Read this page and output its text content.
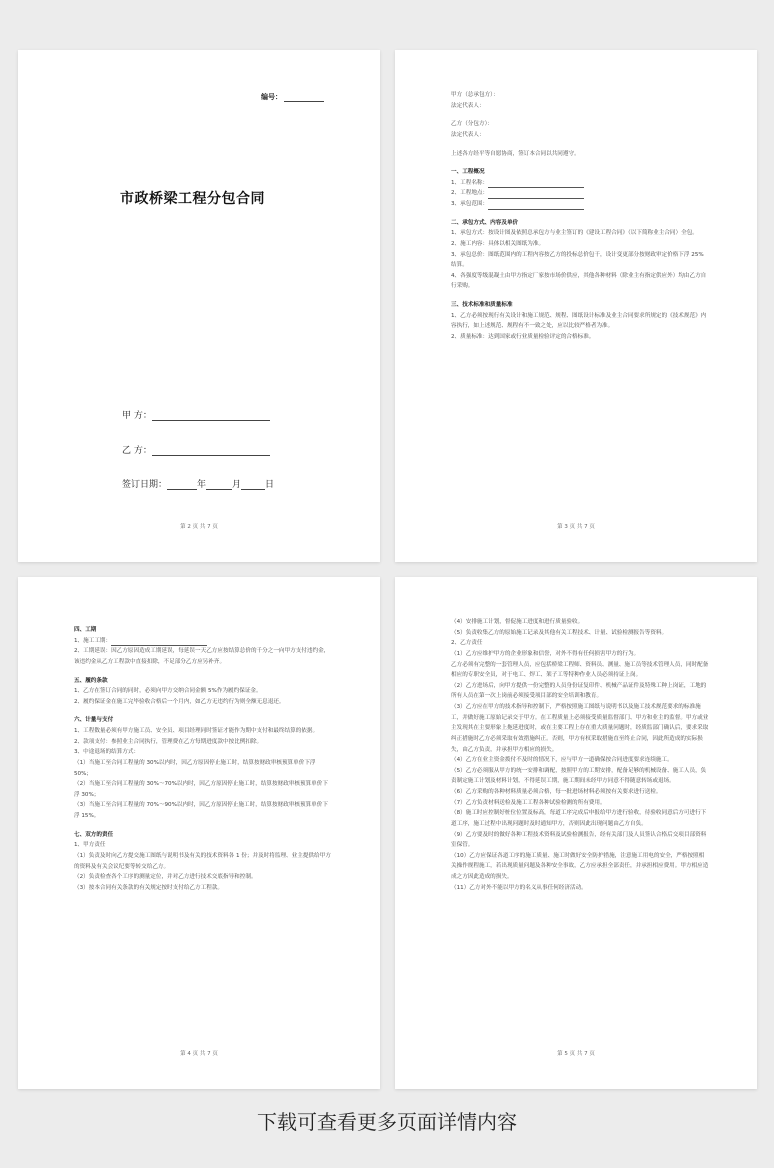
编号：
市政桥梁工程分包合同
甲 方：
乙 方：
签订日期：	年	月	日
第 2 页 共 7 页

甲方（总承包方）：

法定代表人：

乙方（分包方）：

法定代表人：

上述各方经平等自愿协商，签订本合同以共同遵守。

一、工程概况

1、工程名称：

2、工程地点：

3、承包范围：

二、承包方式、内容及单价

1、承包方式：按设计图及依照总承包方与业主签订的《建设工程合同》（以下简称业主合同）全包。

2、施工内容：具体以相关图纸为准。

3、承包总价：图纸范围内的工程内容按乙方的投标总价包干，设计变更部分按财政审定价格下浮 25%结算。

4、各强度等级混凝土由甲方指定厂家按市场价供应，其他各种材料（除业主有指定供应外）均由乙方自行采购。

三、技术标准和质量标准

1、乙方必须按现行有关设计和施工规范、规程、图纸设计标准及业主合同要求所规定的《技术规范》内容执行，如上述规范、规程有不一致之处，应以比较严格者为准。

2、质量标准：达到国家或行业质量检验评定的合格标准。

第 3 页 共 7 页

四、工期

1、施工工期：

2、工期延误：因乙方原因造成工期延误，每延误一天乙方应按结算总价的千分之一向甲方支付违约金，该违约金从乙方工程款中直接扣除，不足部分乙方应另补齐。

五、履约条款

1、乙方在签订合同的同时，必须向甲方交纳合同金额 5%作为履约保证金。

2、履约保证金在施工完毕验收合格后一个月内，如乙方无违约行为则全额无息退还。

六、计量与支付

1、工程数量必须有甲方施工员、安全员、项目经理同时签证才能作为期中支付和最终结算的依据。

2、款项支付：参照业主合同执行，管理费在乙方每期进度款中按比例扣除。

3、中途退场的结算方式：

（1）当施工至合同工程量的 30%以内时，因乙方原因停止施工时，结算按财政审核预算单价下浮 50%；

（2）当施工至合同工程量的 30%～70%以内时，因乙方原因停止施工时，结算按财政审核预算单价下浮 30%；

（3）当施工至合同工程量的 70%～90%以内时，因乙方原因停止施工时，结算按财政审核预算单价下浮 15%。

七、双方的责任

1、甲方责任

（1）负责及时向乙方提交施工图纸与说明书及有关的技术资料各 1 份；并及时将监理、业主提供给甲方的资料及有关会议纪要等转交给乙方。

（2）负责检查各个工序的测量定位，并对乙方进行技术交底指导和控制。

（3）按本合同有关条款的有关规定按时支付给乙方工程款。

第 4 页 共 7 页

（4）安排施工计划，督促施工进度和进行质量验收。

（5）负责收集乙方的原始施工记录及其他有关工程技术、计量、试验检测报告等资料。

2、乙方责任

（1）乙方应维护甲方的企业形象和信誉，对外不得有任何损害甲方的行为。

乙方必须有完整的一套管理人员，应包括桥梁工程师、资料员、测量、施工员等技术管理人员，同时配备相应的专职安全员，对于电工、焊工、架子工等特种作业人员必须持证上岗。

（2）乙方进场后，向甲方提供一份完整的人员身份证复印件、机械产品证件及特殊工种上岗证，工地的所有人员在第一次上岗前必须接受项目部的安全培训和教育。

（3）乙方应在甲方的技术指导和控制下，严格按照施工图纸与说明书以及施工技术规范要求的标准施工，并做好施工原始记录交于甲方。在工程质量上必须接受质量监督部门、甲方和业主的监督。甲方或业主发现其在主要形象上拖延进度时，或在主要工程上存在重大质量问题时，经质监部门确认后，要求采取纠正措施时乙方必须采取有效措施纠正。否则，甲方有权采取措施直至终止合同，因此所造成的实际损失，由乙方负责，并承担甲方相应的损失。

（4）乙方在业主资金拨付不及时的情况下，应与甲方一道确保按合同进度要求连续施工。

（5）乙方必须服从甲方的统一安排和调配，按照甲方的工期安排，配备足够的机械设备、施工人员，负责制定施工计划及材料计划，不得延误工期，施工期间未经甲方同意不得随意转场或退场。

（6）乙方采购的各种材料质量必须合格，每一批进场材料必须按有关要求进行送检。

（7）乙方负责材料送检及施工工程各种试验检测的所有费用。

（8）施工时应控制好桩位位置及标高，每道工序完成后申报给甲方进行验收，待验收同意后方可进行下道工序，施工过程中出现问题时及时通知甲方，否则因此出现问题由乙方自负。

（9）乙方要及时的做好各种工程技术资料及试验检测报告，经有关部门及人员签认合格后交项目部资料室保管。

（10）乙方应保证各道工序的施工质量、施工时做好安全防护措施，注意施工用电的安全，严格按照相关操作规程施工，若出现质量问题及各种安全事故，乙方应承担全部责任，并承担相应费用。甲方相应造成之方因此造成的损失。

（11）乙方对外不能以甲方的名义从事任何经济活动。

第 5 页 共 7 页
下载可查看更多页面详情内容
